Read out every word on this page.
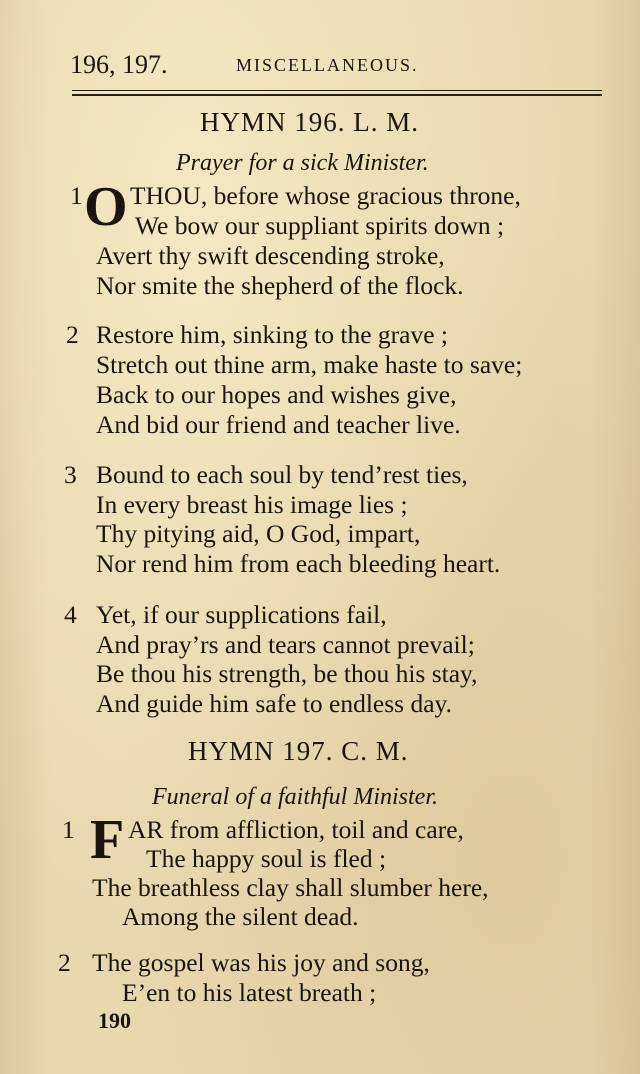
196, 197.	MISCELLANEOUS.
HYMN 196. L. M.
Prayer for a sick Minister.
1 O THOU, before whose gracious throne,
We bow our suppliant spirits down ;
Avert thy swift descending stroke,
Nor smite the shepherd of the flock.
2 Restore him, sinking to the grave ;
Stretch out thine arm, make haste to save;
Back to our hopes and wishes give,
And bid our friend and teacher live.
3 Bound to each soul by tend’rest ties,
In every breast his image lies ;
Thy pitying aid, O God, impart,
Nor rend him from each bleeding heart.
4 Yet, if our supplications fail,
And pray’rs and tears cannot prevail;
Be thou his strength, be thou his stay,
And guide him safe to endless day.
HYMN 197. C. M.
Funeral of a faithful Minister.
1 F AR from affliction, toil and care,
The happy soul is fled ;
The breathless clay shall slumber here,
Among the silent dead.
2 The gospel was his joy and song,
E’en to his latest breath ;
190
